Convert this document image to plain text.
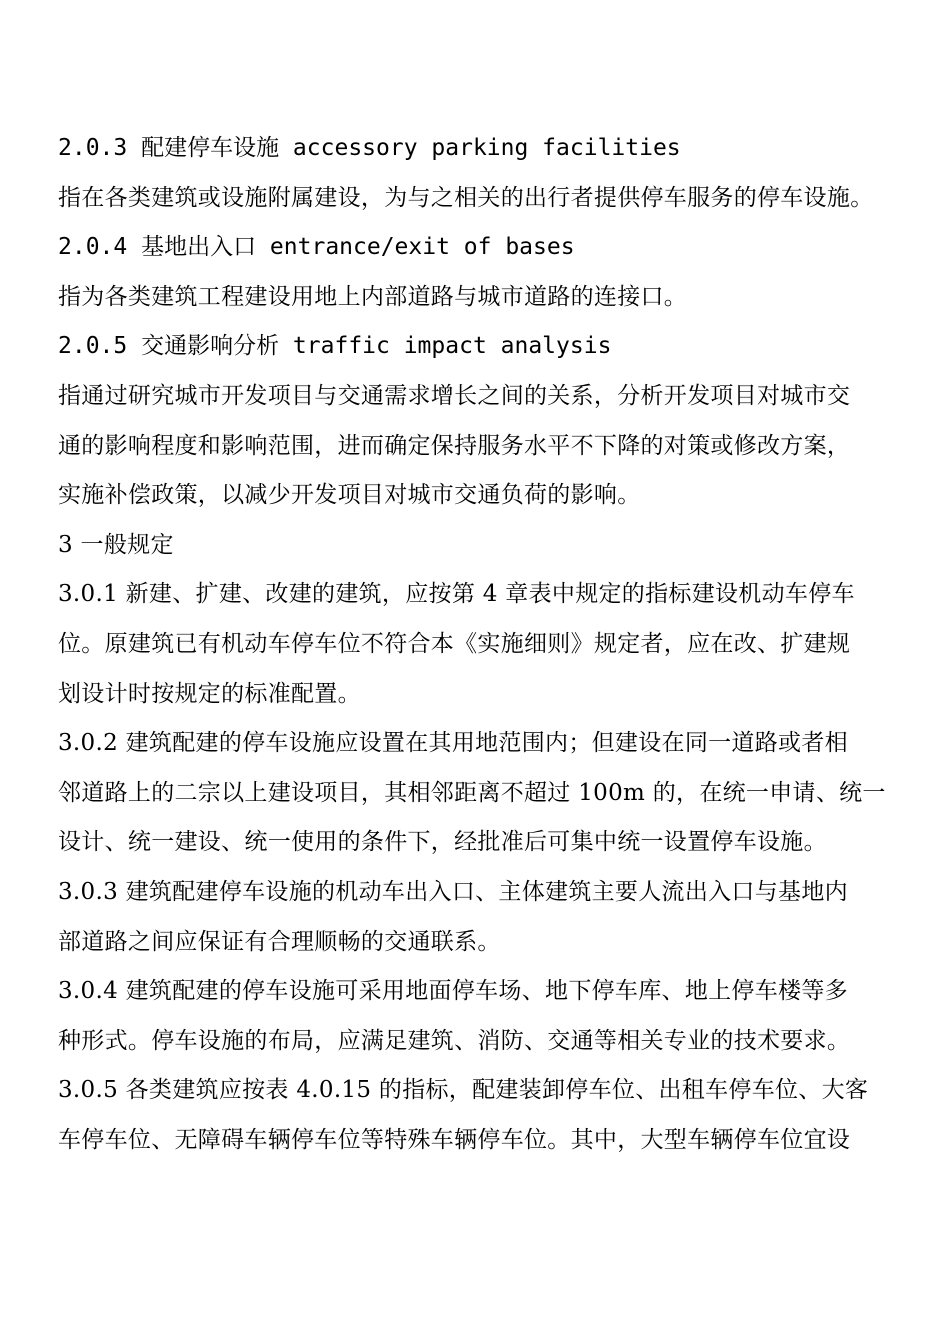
2.0.3 配建停车设施 accessory parking facilities
指在各类建筑或设施附属建设，为与之相关的出行者提供停车服务的停车设施。
2.0.4 基地出入口 entrance/exit of bases
指为各类建筑工程建设用地上内部道路与城市道路的连接口。
2.0.5 交通影响分析 traffic impact analysis
指通过研究城市开发项目与交通需求增长之间的关系，分析开发项目对城市交
通的影响程度和影响范围，进而确定保持服务水平不下降的对策或修改方案，
实施补偿政策，以减少开发项目对城市交通负荷的影响。
3 一般规定
3.0.1 新建、扩建、改建的建筑，应按第 4 章表中规定的指标建设机动车停车
位。原建筑已有机动车停车位不符合本《实施细则》规定者，应在改、扩建规
划设计时按规定的标准配置。
3.0.2 建筑配建的停车设施应设置在其用地范围内；但建设在同一道路或者相
邻道路上的二宗以上建设项目，其相邻距离不超过 100m 的，在统一申请、统一
设计、统一建设、统一使用的条件下，经批准后可集中统一设置停车设施。
3.0.3 建筑配建停车设施的机动车出入口、主体建筑主要人流出入口与基地内
部道路之间应保证有合理顺畅的交通联系。
3.0.4 建筑配建的停车设施可采用地面停车场、地下停车库、地上停车楼等多
种形式。停车设施的布局，应满足建筑、消防、交通等相关专业的技术要求。
3.0.5 各类建筑应按表 4.0.15 的指标，配建装卸停车位、出租车停车位、大客
车停车位、无障碍车辆停车位等特殊车辆停车位。其中，大型车辆停车位宜设
